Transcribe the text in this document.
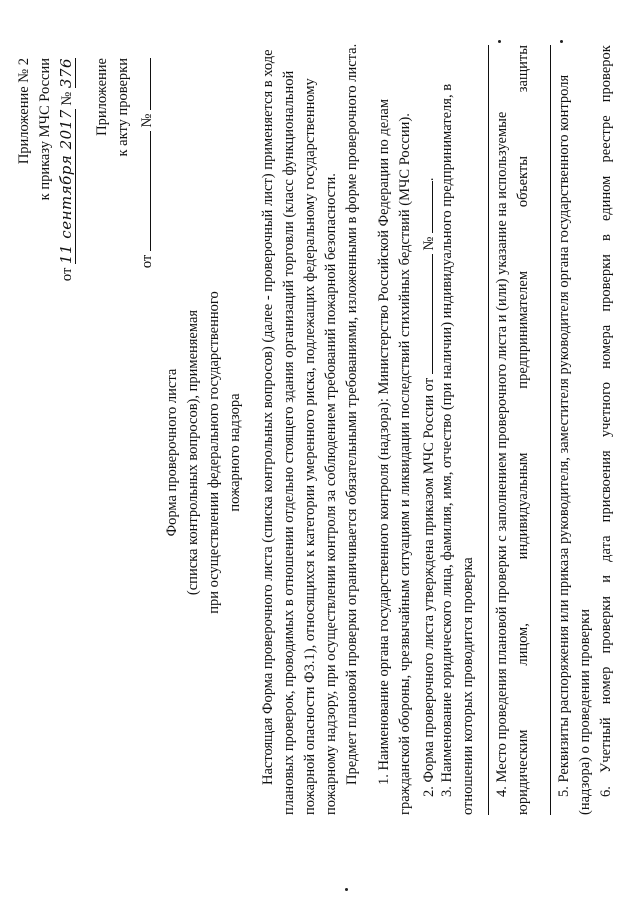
Приложение № 2 к приказу МЧС России
от 11 сентября 2017 № 376 Приложение к акту проверки
от  №
Форма проверочного листа (списка контрольных вопросов), применяемая при осуществлении федерального государственного пожарного надзора Настоящая Форма проверочного листа (списка контрольных вопросов) (далее - проверочный лист) применяется в ходе плановых проверок, проводимых в отношении отдельно стоящего здания организаций торговли (класс функциональной пожарной опасности Ф3.1), относящихся к категории умеренного риска, подлежащих федеральному государственному пожарному надзору, при осуществлении контроля за соблюдением требований пожарной безопасности. Предмет плановой проверки ограничивается обязательными требованиями, изложенными в форме проверочного листа. 1. Наименование органа государственного контроля (надзора): Министерство Российской Федерации по делам гражданской обороны, чрезвычайным ситуациям и ликвидации последствий стихийных бедствий (МЧС России). 2. Форма проверочного листа утверждена приказом МЧС России от  № . 3. Наименование юридического лица, фамилия, имя, отчество (при наличии) индивидуального предпринимателя, в отношении которых проводится проверка 4. Место проведения плановой проверки с заполнением проверочного листа и (или) указание на используемые юридическим
лицом,
индивидуальным
предпринимателем
объекты
защиты
5. Реквизиты распоряжения или приказа руководителя, заместителя руководителя органа государственного контроля (надзора) о проведении проверки 6.
Учетный
номер
проверки
и
дата
присвоения
учетного
номера
проверки
в
едином
реестре
проверок
